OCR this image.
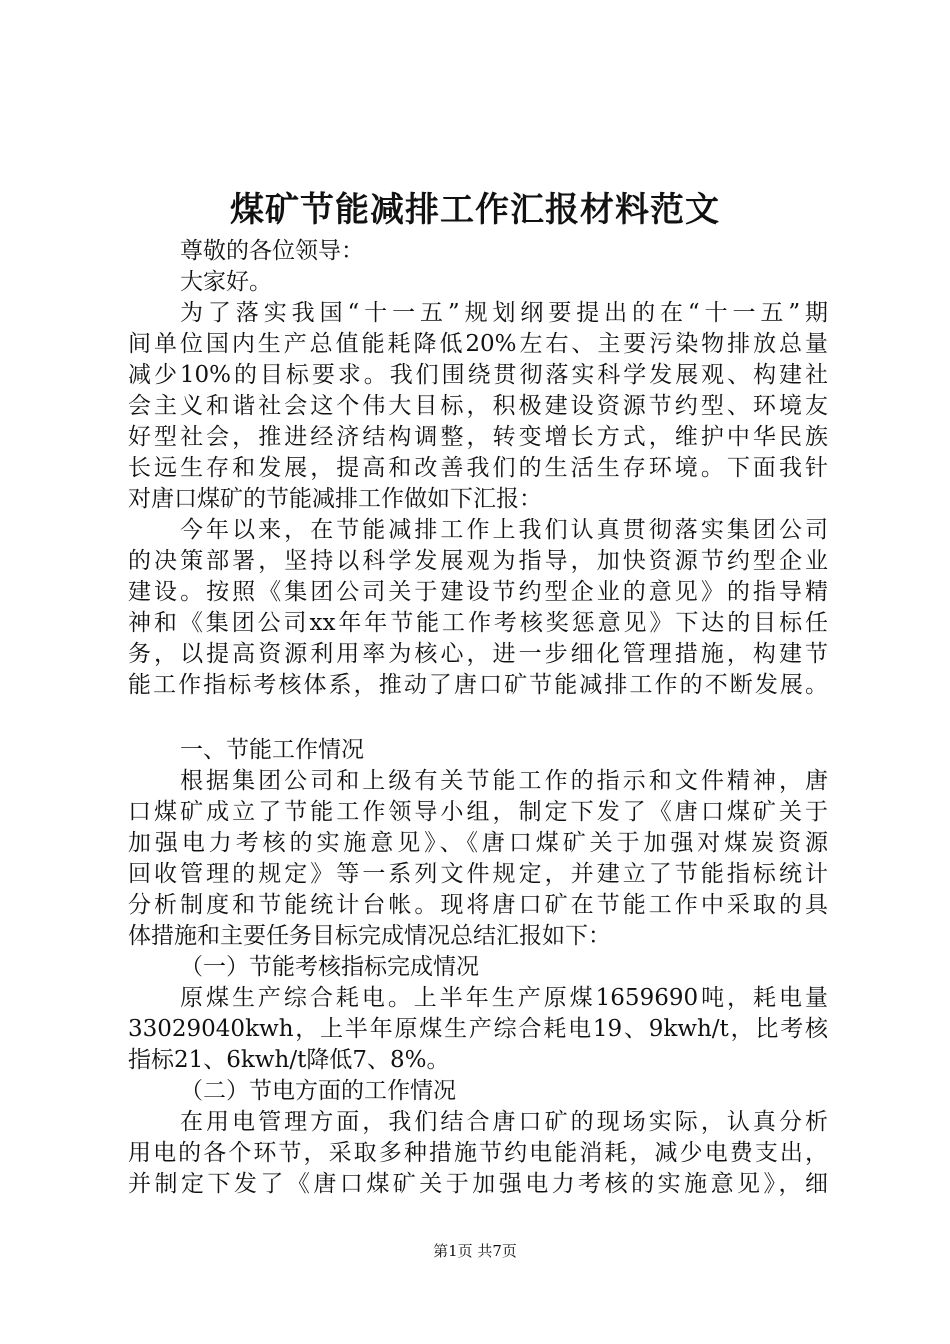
煤矿节能减排工作汇报材料范文
尊敬的各位领导：
大家好。
为了落实我国“十一五”规划纲要提出的在“十一五”期
间单位国内生产总值能耗降低20%左右、主要污染物排放总量
减少10%的目标要求。我们围绕贯彻落实科学发展观、构建社
会主义和谐社会这个伟大目标，积极建设资源节约型、环境友
好型社会，推进经济结构调整，转变增长方式，维护中华民族
长远生存和发展，提高和改善我们的生活生存环境。下面我针
对唐口煤矿的节能减排工作做如下汇报：
今年以来，在节能减排工作上我们认真贯彻落实集团公司
的决策部署，坚持以科学发展观为指导，加快资源节约型企业
建设。按照《集团公司关于建设节约型企业的意见》的指导精
神和《集团公司xx年年节能工作考核奖惩意见》下达的目标任
务，以提高资源利用率为核心，进一步细化管理措施，构建节
能工作指标考核体系，推动了唐口矿节能减排工作的不断发展。
一、节能工作情况
根据集团公司和上级有关节能工作的指示和文件精神，唐
口煤矿成立了节能工作领导小组，制定下发了《唐口煤矿关于
加强电力考核的实施意见》、《唐口煤矿关于加强对煤炭资源
回收管理的规定》等一系列文件规定，并建立了节能指标统计
分析制度和节能统计台帐。现将唐口矿在节能工作中采取的具
体措施和主要任务目标完成情况总结汇报如下：
（一）节能考核指标完成情况
原煤生产综合耗电。上半年生产原煤1659690吨，耗电量
33029040kwh，上半年原煤生产综合耗电19、9kwh/t，比考核
指标21、6kwh/t降低7、8%。
（二）节电方面的工作情况
在用电管理方面，我们结合唐口矿的现场实际，认真分析
用电的各个环节，采取多种措施节约电能消耗，减少电费支出，
并制定下发了《唐口煤矿关于加强电力考核的实施意见》，细
第1页 共7页
